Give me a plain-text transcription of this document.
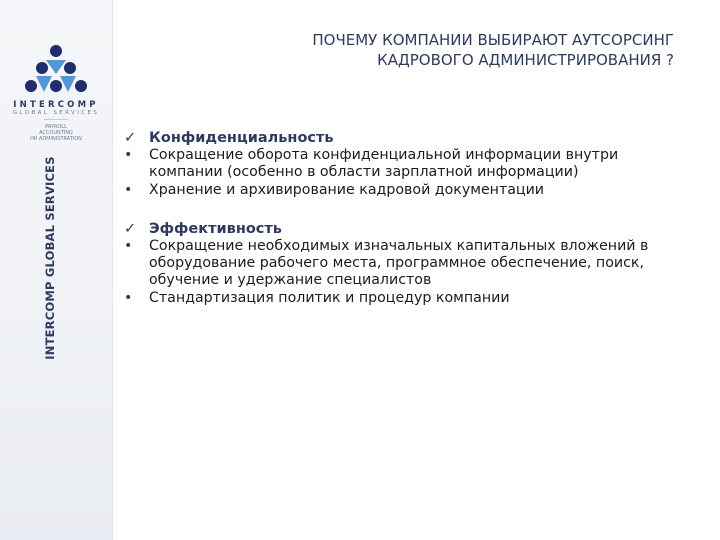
INTERCOMP
GLOBAL SERVICES
PAYROLL
ACCOUNTING
HR ADMINISTRATION
INTERCOMP GLOBAL SERVICES
ПОЧЕМУ КОМПАНИИ ВЫБИРАЮТ АУТСОРСИНГ
КАДРОВОГО АДМИНИСТРИРОВАНИЯ ?
✓ Конфиденциальность
•	Сокращение оборота конфиденциальной информации внутри компании (особенно в области зарплатной информации)
•	Хранение и архивирование кадровой документации
✓ Эффективность
•	Сокращение необходимых изначальных капитальных вложений в оборудование рабочего места, программное обеспечение, поиск, обучение и удержание специалистов
•	Стандартизация политик и процедур компании
